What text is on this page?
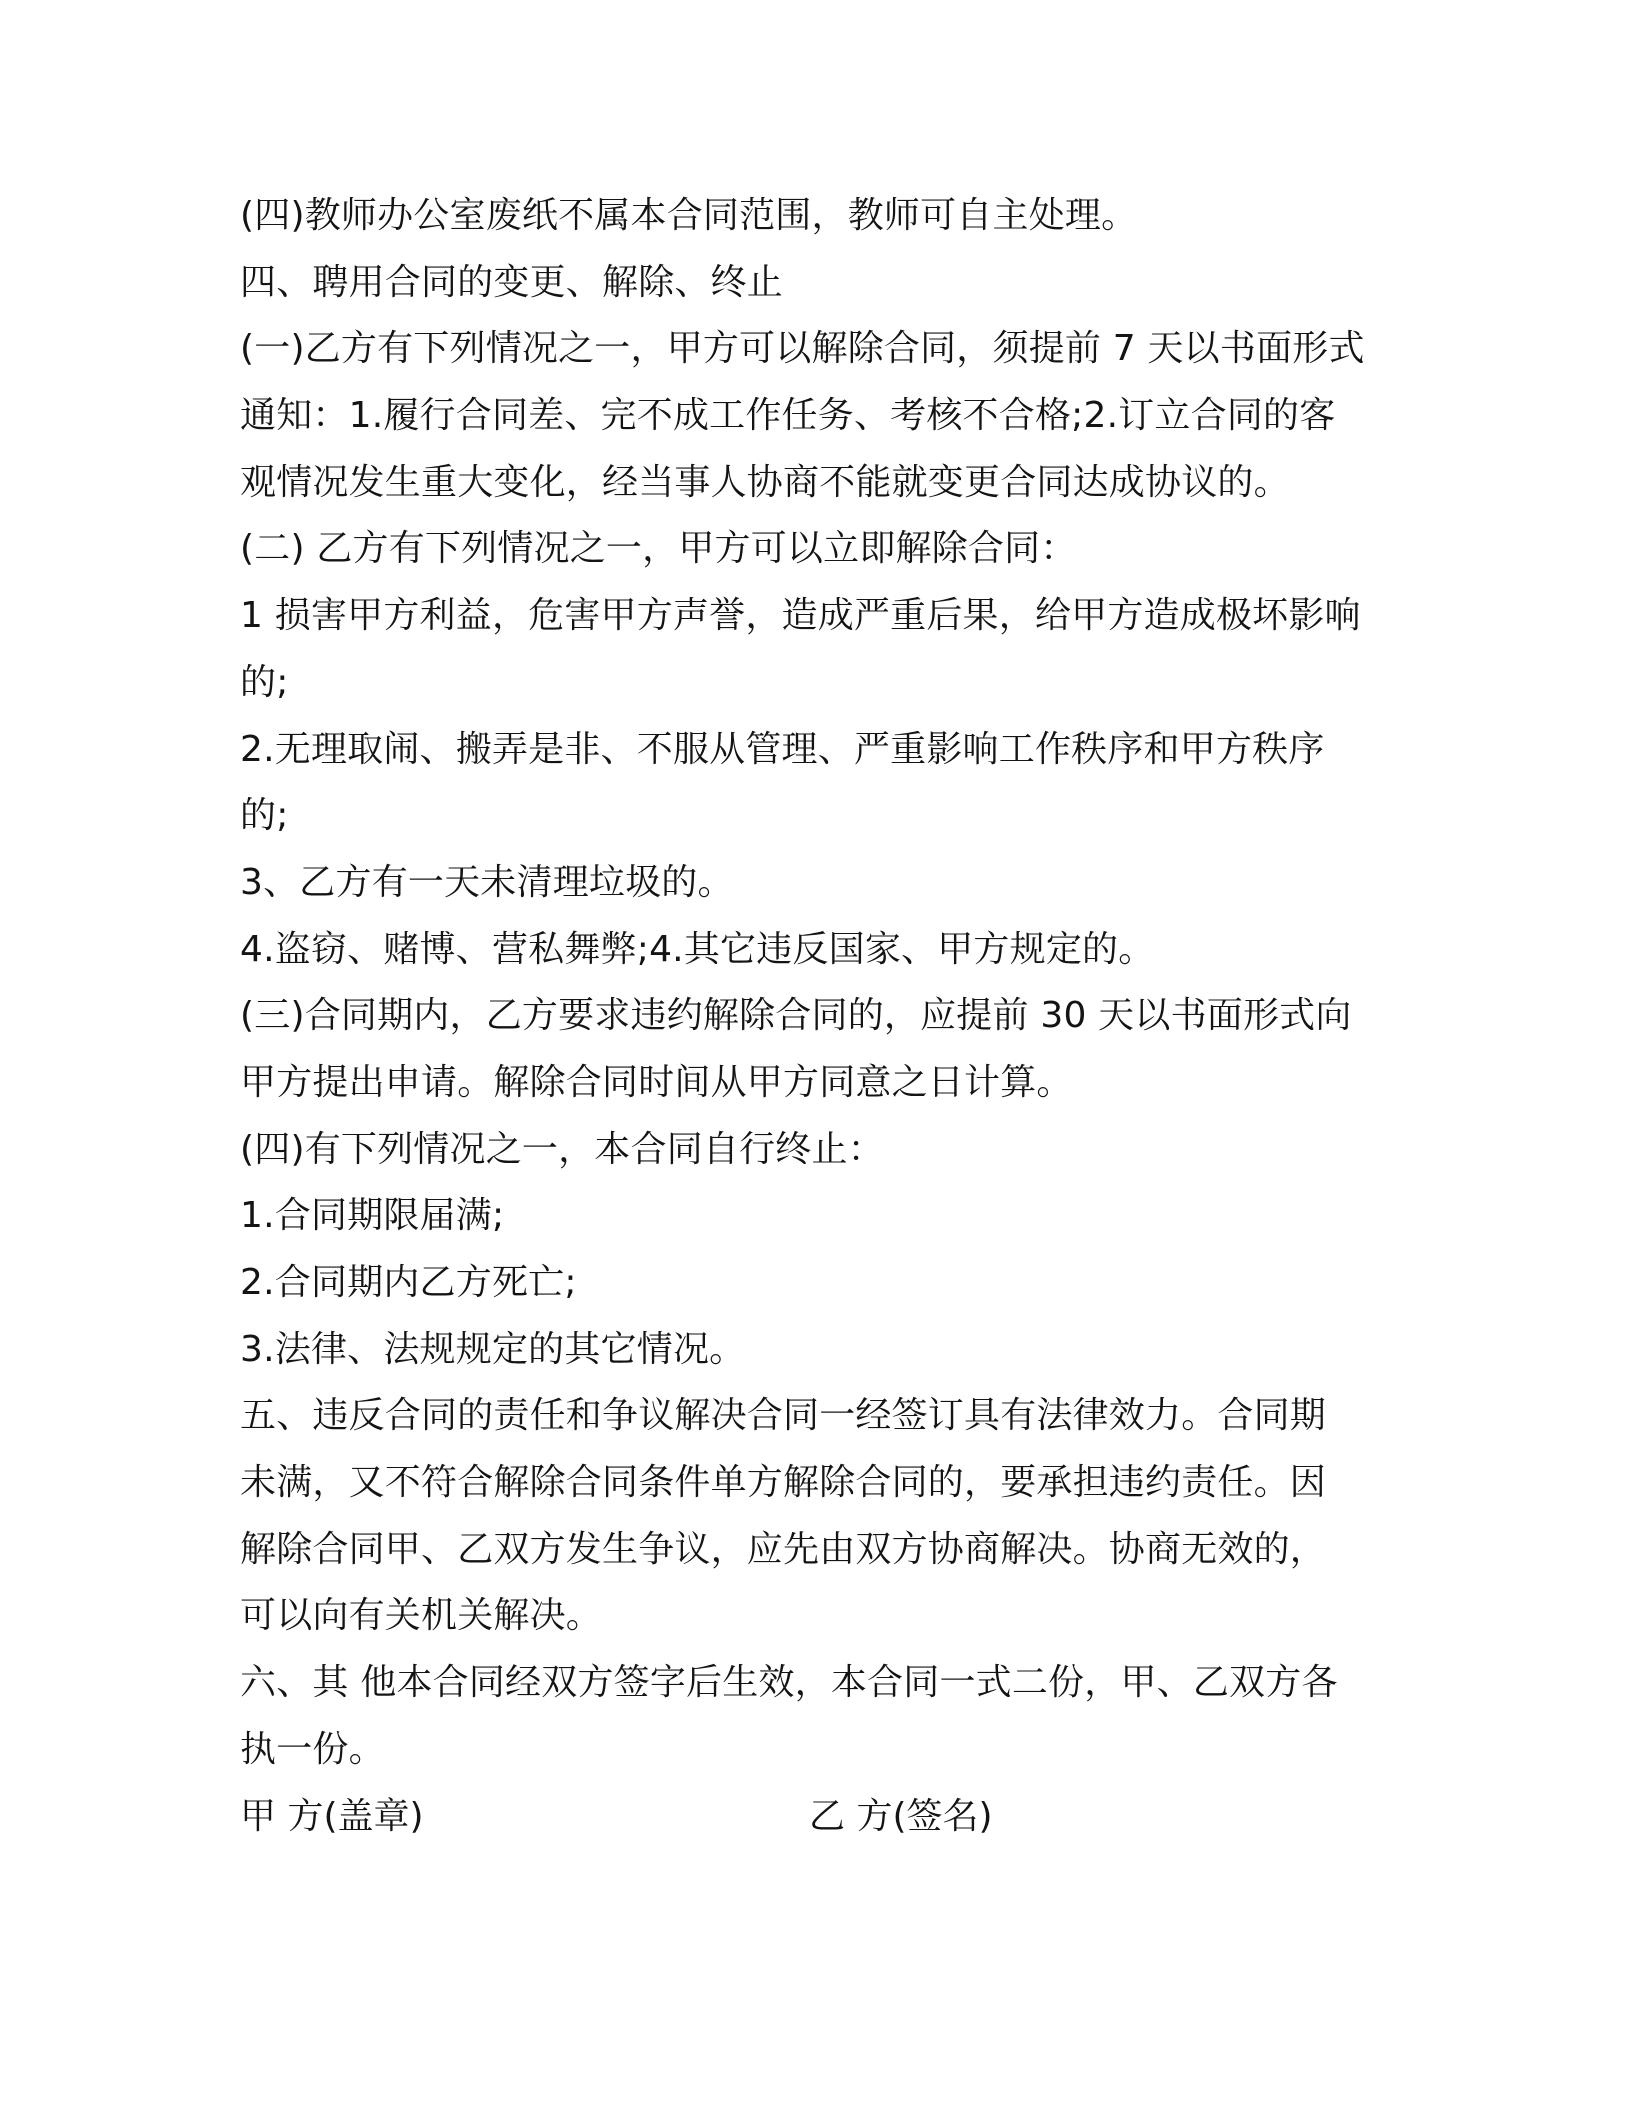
(四)教师办公室废纸不属本合同范围，教师可自主处理。

四、聘用合同的变更、解除、终止

(一)乙方有下列情况之一，甲方可以解除合同，须提前 7 天以书面形式

通知：1.履行合同差、完不成工作任务、考核不合格;2.订立合同的客

观情况发生重大变化，经当事人协商不能就变更合同达成协议的。

(二) 乙方有下列情况之一，甲方可以立即解除合同：

1 损害甲方利益，危害甲方声誉，造成严重后果，给甲方造成极坏影响

的;

2.无理取闹、搬弄是非、不服从管理、严重影响工作秩序和甲方秩序

的;

3、乙方有一天未清理垃圾的。

4.盗窃、赌博、营私舞弊;4.其它违反国家、甲方规定的。

(三)合同期内，乙方要求违约解除合同的，应提前 30 天以书面形式向

甲方提出申请。解除合同时间从甲方同意之日计算。

(四)有下列情况之一，本合同自行终止：

1.合同期限届满;

2.合同期内乙方死亡;

3.法律、法规规定的其它情况。

五、违反合同的责任和争议解决合同一经签订具有法律效力。合同期

未满，又不符合解除合同条件单方解除合同的，要承担违约责任。因

解除合同甲、乙双方发生争议，应先由双方协商解决。协商无效的，

可以向有关机关解决。

六、其 他本合同经双方签字后生效，本合同一式二份，甲、乙双方各

执一份。

甲 方(盖章)	乙 方(签名)
